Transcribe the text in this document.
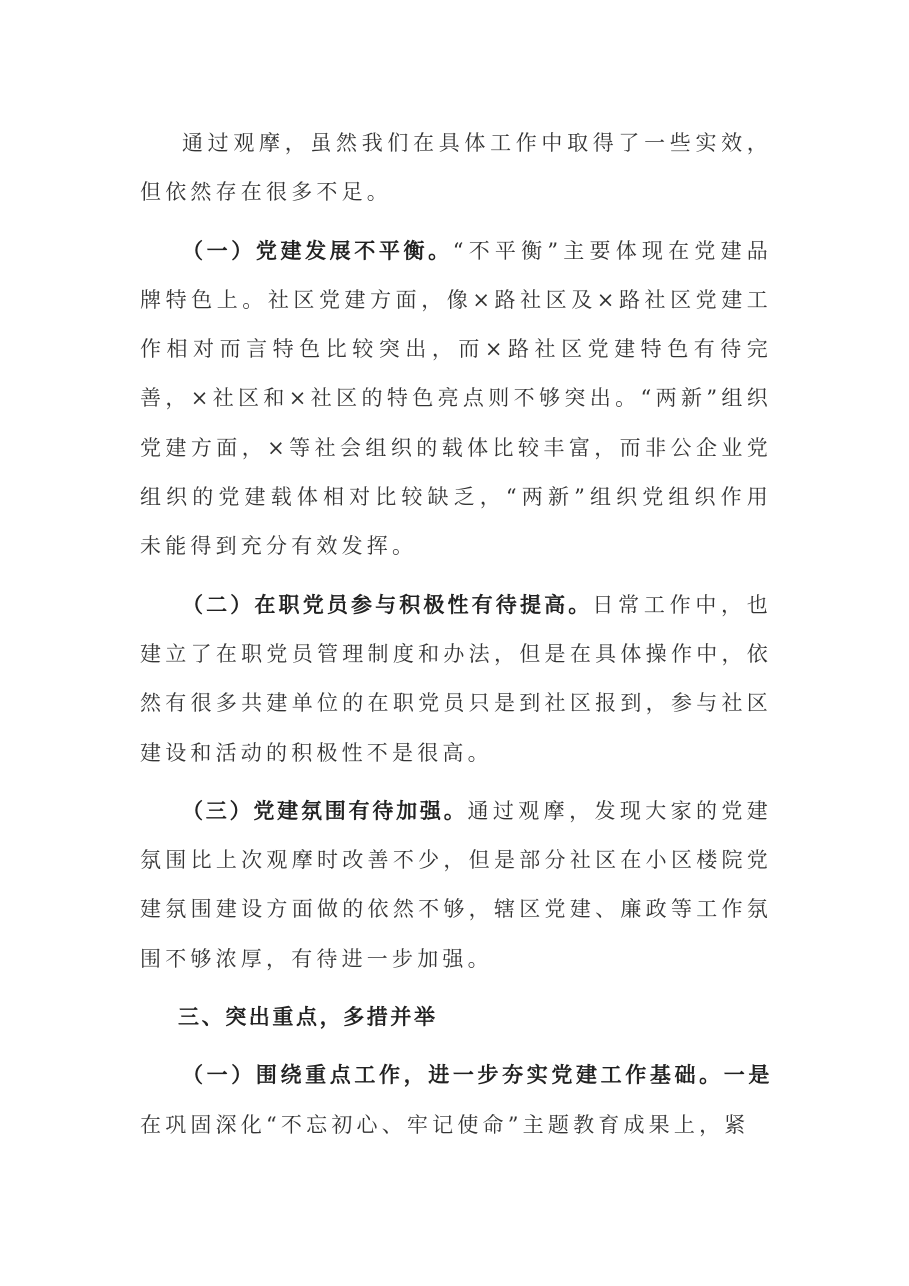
通过观摩，虽然我们在具体工作中取得了一些实效，但依然存在很多不足。

（一）党建发展不平衡。“不平衡”主要体现在党建品牌特色上。社区党建方面，像×路社区及×路社区党建工作相对而言特色比较突出，而×路社区党建特色有待完善，×社区和×社区的特色亮点则不够突出。“两新”组织党建方面，×等社会组织的载体比较丰富，而非公企业党组织的党建载体相对比较缺乏，“两新”组织党组织作用未能得到充分有效发挥。

（二）在职党员参与积极性有待提高。日常工作中，也建立了在职党员管理制度和办法，但是在具体操作中，依然有很多共建单位的在职党员只是到社区报到，参与社区建设和活动的积极性不是很高。

（三）党建氛围有待加强。通过观摩，发现大家的党建氛围比上次观摩时改善不少，但是部分社区在小区楼院党建氛围建设方面做的依然不够，辖区党建、廉政等工作氛围不够浓厚，有待进一步加强。

三、突出重点，多措并举

（一）围绕重点工作，进一步夯实党建工作基础。一是在巩固深化“不忘初心、牢记使命”主题教育成果上，紧
